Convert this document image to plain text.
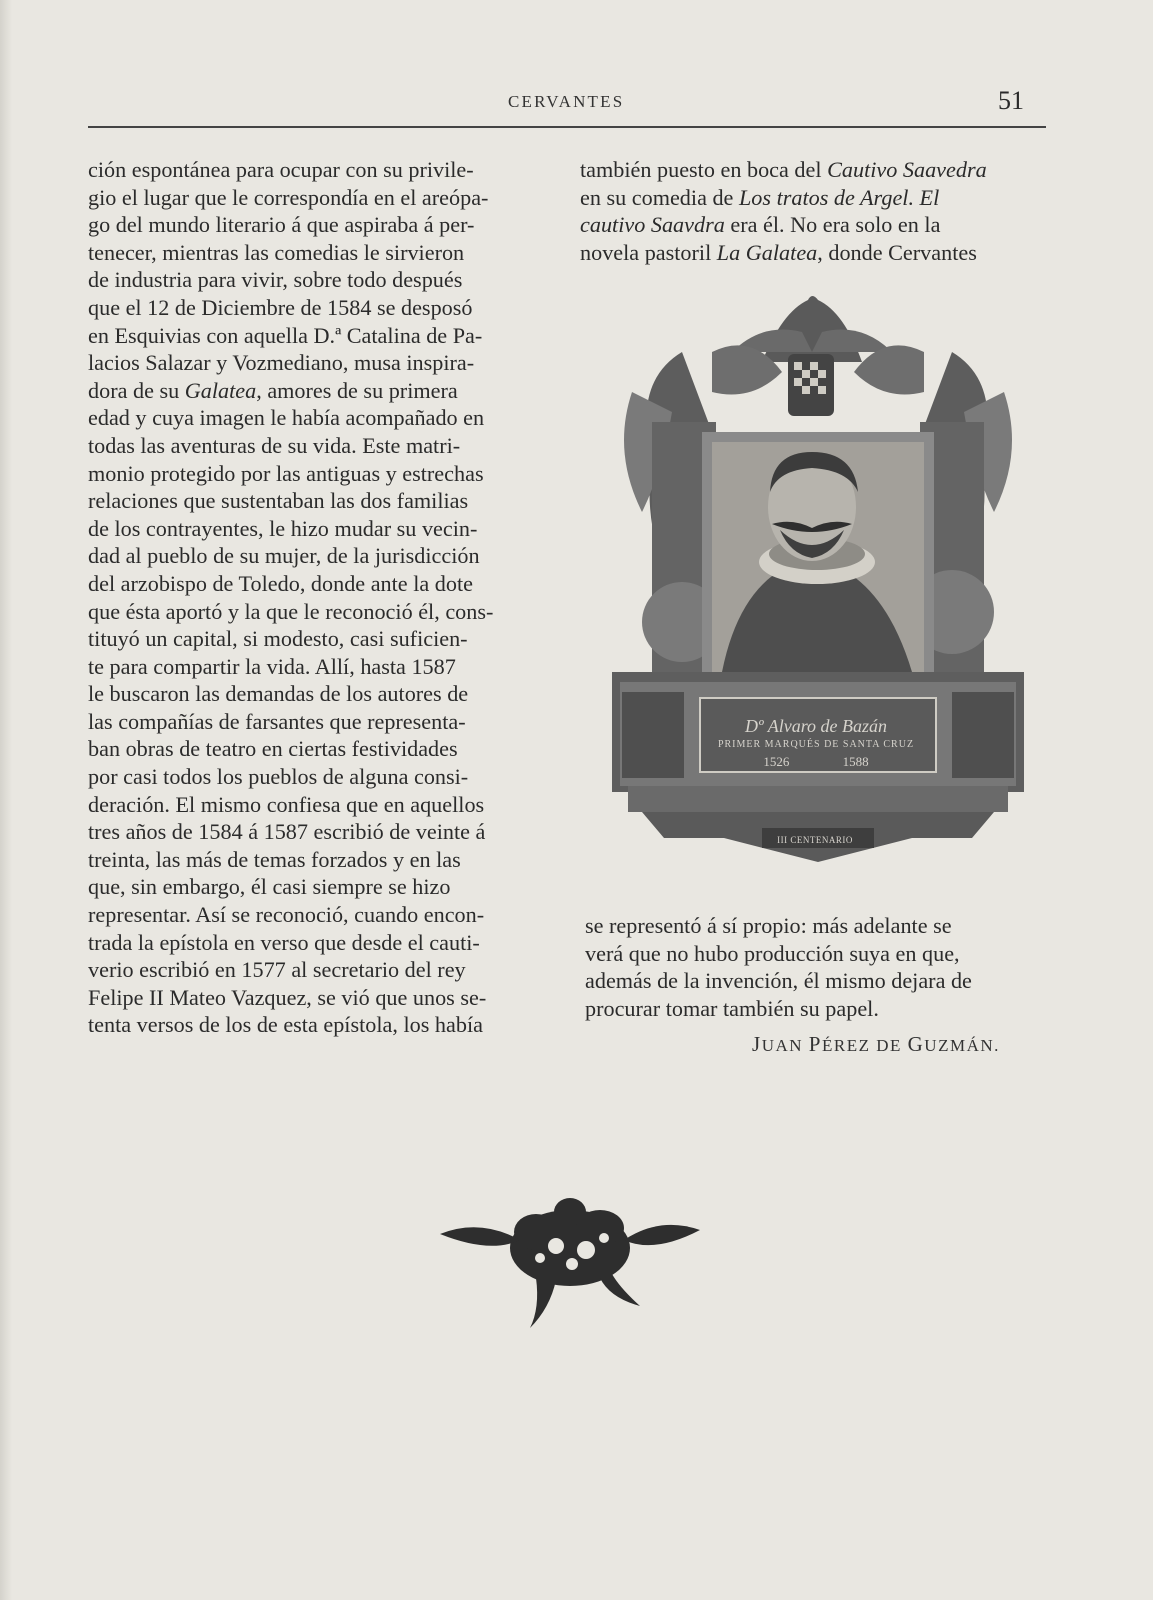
CERVANTES	51

ción espontánea para ocupar con su privile-

gio el lugar que le correspondía en el areópa-

go del mundo literario á que aspiraba á per-

tenecer, mientras las comedias le sirvieron

de industria para vivir, sobre todo después

que el 12 de Diciembre de 1584 se desposó

en Esquivias con aquella D.ª Catalina de Pa-

lacios Salazar y Vozmediano, musa inspira-

dora de su Galatea, amores de su primera

edad y cuya imagen le había acompañado en

todas las aventuras de su vida. Este matri-

monio protegido por las antiguas y estrechas

relaciones que sustentaban las dos familias

de los contrayentes, le hizo mudar su vecin-

dad al pueblo de su mujer, de la jurisdicción

del arzobispo de Toledo, donde ante la dote

que ésta aportó y la que le reconoció él, cons-

tituyó un capital, si modesto, casi suficien-

te para compartir la vida. Allí, hasta 1587

le buscaron las demandas de los autores de

las compañías de farsantes que representa-

ban obras de teatro en ciertas festividades

por casi todos los pueblos de alguna consi-

deración. El mismo confiesa que en aquellos

tres años de 1584 á 1587 escribió de veinte á

treinta, las más de temas forzados y en las

que, sin embargo, él casi siempre se hizo

representar. Así se reconoció, cuando encon-

trada la epístola en verso que desde el cauti-

verio escribió en 1577 al secretario del rey

Felipe II Mateo Vazquez, se vió que unos se-

tenta versos de los de esta epístola, los había

también puesto en boca del Cautivo Saavedra

en su comedia de Los tratos de Argel. El

cautivo Saavdra era él. No era solo en la

novela pastoril La Galatea, donde Cervantes

Dº Alvaro de Bazán
PRIMER MARQUÉS DE SANTA CRUZ
1526 1588
III CENTENARIO

se representó á sí propio: más adelante se

verá que no hubo producción suya en que,

además de la invención, él mismo dejara de

procurar tomar también su papel.

JUAN PÉREZ DE GUZMÁN.
